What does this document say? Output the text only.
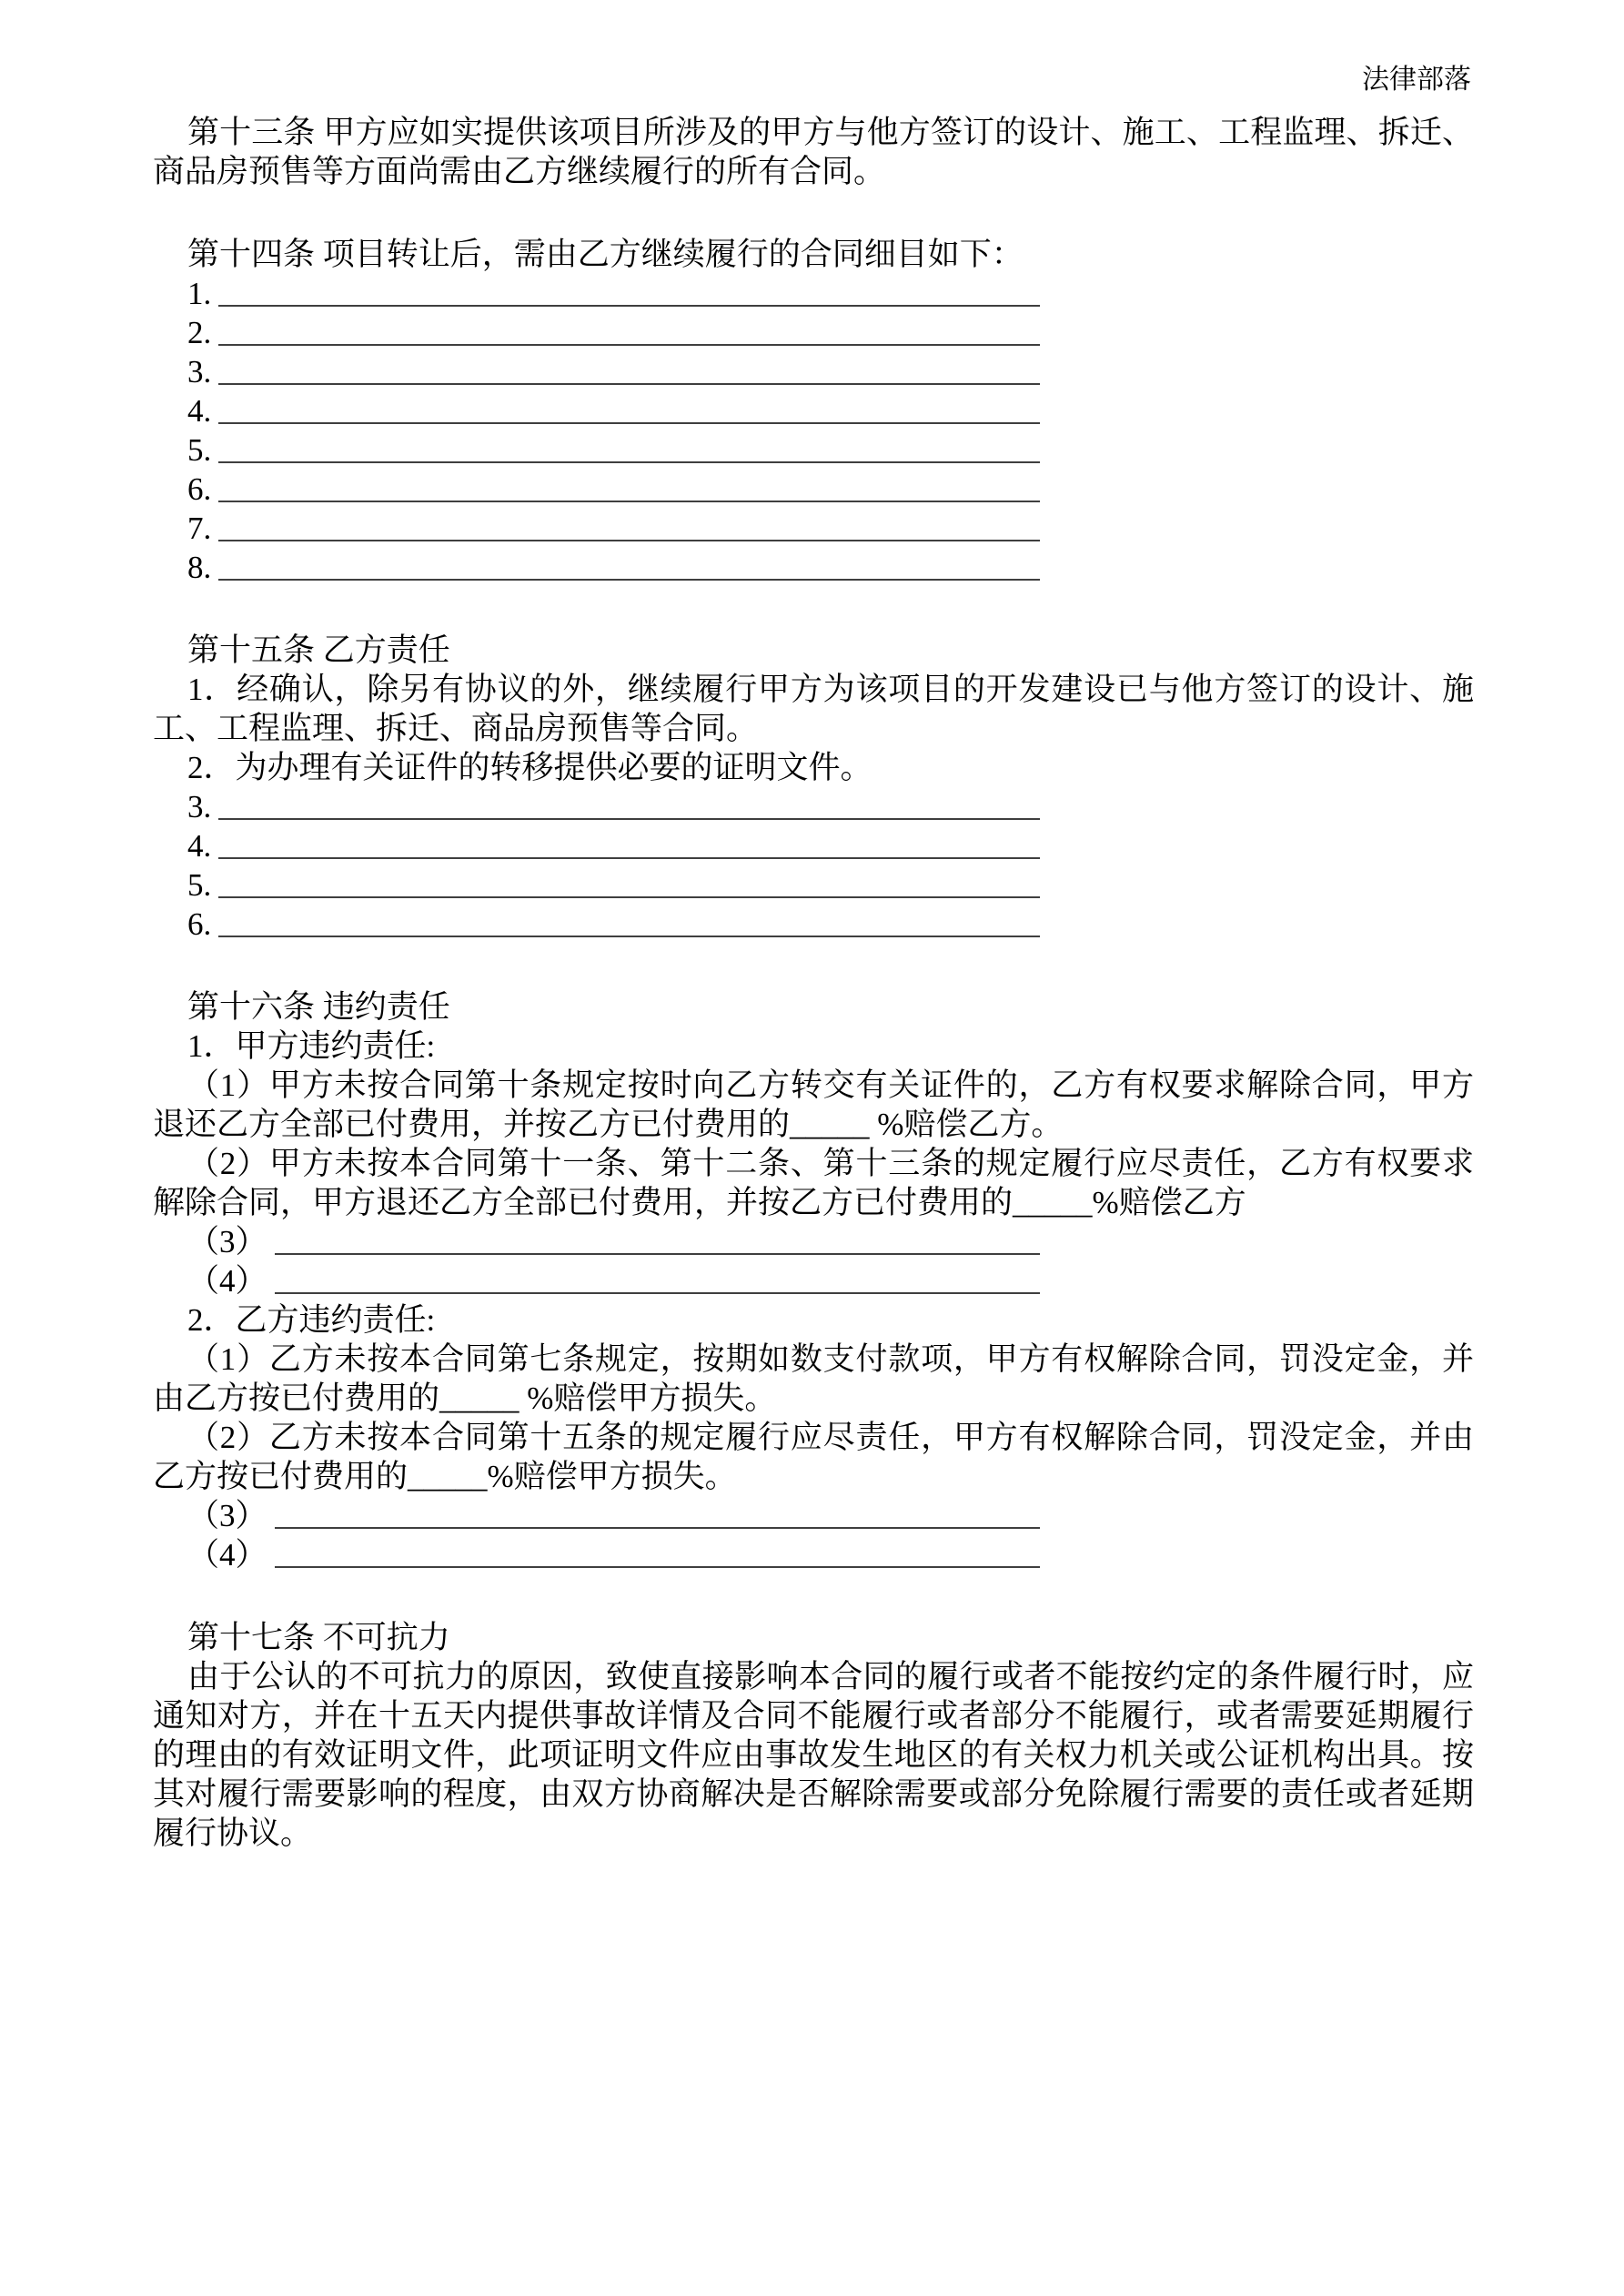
法律部落

第十三条 甲方应如实提供该项目所涉及的甲方与他方签订的设计、施工、工程监理、拆迁、商品房预售等方面尚需由乙方继续履行的所有合同。

第十四条 项目转让后，需由乙方继续履行的合同细目如下：

1.
2.
3.
4.
5.
6.
7.
8.

第十五条 乙方责任

1．经确认，除另有协议的外，继续履行甲方为该项目的开发建设已与他方签订的设计、施工、工程监理、拆迁、商品房预售等合同。

2．为办理有关证件的转移提供必要的证明文件。

3.
4.
5.
6.

第十六条 违约责任

1．甲方违约责任:

（1）甲方未按合同第十条规定按时向乙方转交有关证件的，乙方有权要求解除合同，甲方退还乙方全部已付费用，并按乙方已付费用的_____ %赔偿乙方。

（2）甲方未按本合同第十一条、第十二条、第十三条的规定履行应尽责任，乙方有权要求解除合同，甲方退还乙方全部已付费用，并按乙方已付费用的_____%赔偿乙方

（3）
（4）

2．乙方违约责任:

（1）乙方未按本合同第七条规定，按期如数支付款项，甲方有权解除合同，罚没定金，并由乙方按已付费用的_____ %赔偿甲方损失。

（2）乙方未按本合同第十五条的规定履行应尽责任，甲方有权解除合同，罚没定金，并由乙方按已付费用的_____%赔偿甲方损失。

（3）
（4）

第十七条 不可抗力

由于公认的不可抗力的原因，致使直接影响本合同的履行或者不能按约定的条件履行时，应通知对方，并在十五天内提供事故详情及合同不能履行或者部分不能履行，或者需要延期履行的理由的有效证明文件，此项证明文件应由事故发生地区的有关权力机关或公证机构出具。按其对履行需要影响的程度，由双方协商解决是否解除需要或部分免除履行需要的责任或者延期履行协议。
